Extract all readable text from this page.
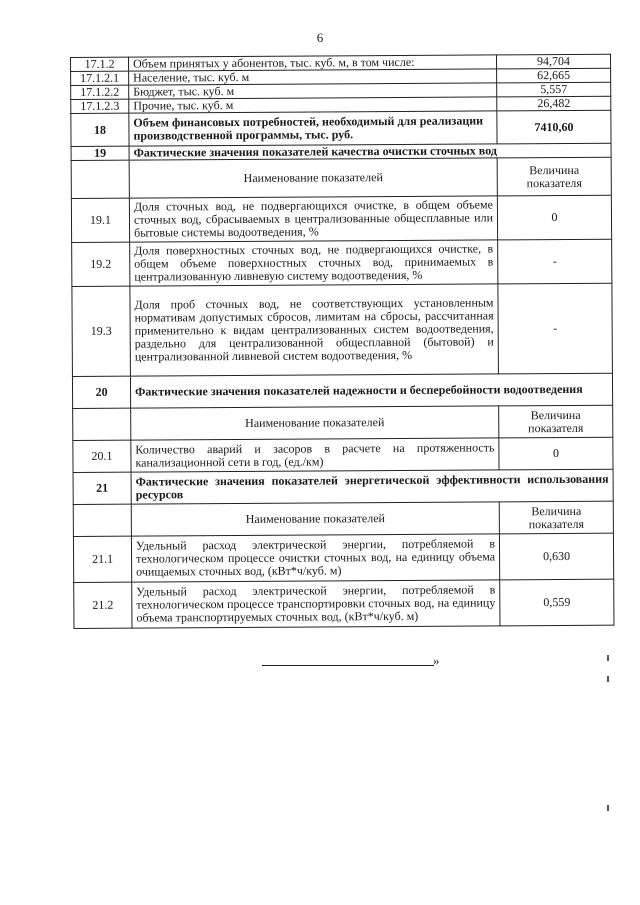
6
17.1.2	Объем принятых у абонентов, тыс. куб. м, в том числе:	94,704
17.1.2.1	Население, тыс. куб. м	62,665
17.1.2.2	Бюджет, тыс. куб. м	5,557
17.1.2.3	Прочие, тыс. куб. м	26,482
18	Объем финансовых потребностей, необходимый для реализации производственной программы, тыс. руб.	7410,60
19	Фактические значения показателей качества очистки сточных вод	
	Наименование показателей	Величина показателя
19.1	Доля сточных вод, не подвергающихся очистке, в общем объеме сточных вод, сбрасываемых в централизованные общесплавные или бытовые системы водоотведения, %	0
19.2	Доля поверхностных сточных вод, не подвергающихся очистке, в общем объеме поверхностных сточных вод, принимаемых в централизованную ливневую систему водоотведения, %	-
19.3	Доля проб сточных вод, не соответствующих установленным нормативам допустимых сбросов, лимитам на сбросы, рассчитанная применительно к видам централизованных систем водоотведения, раздельно для централизованной общесплавной (бытовой) и централизованной ливневой систем водоотведения, %	-
20	Фактические значения показателей надежности и бесперебойности водоотведения	
	Наименование показателей	Величина показателя
20.1	Количество аварий и засоров в расчете на протяженность канализационной сети в год, (ед./км)	0
21	Фактические значения показателей энергетической эффективности использования ресурсов	
	Наименование показателей	Величина показателя
21.1	Удельный расход электрической энергии, потребляемой в технологическом процессе очистки сточных вод, на единицу объема очищаемых сточных вод, (кВт*ч/куб. м)	0,630
21.2	Удельный расход электрической энергии, потребляемой в технологическом процессе транспортировки сточных вод, на единицу объема транспортируемых сточных вод, (кВт*ч/куб. м)	0,559
»
